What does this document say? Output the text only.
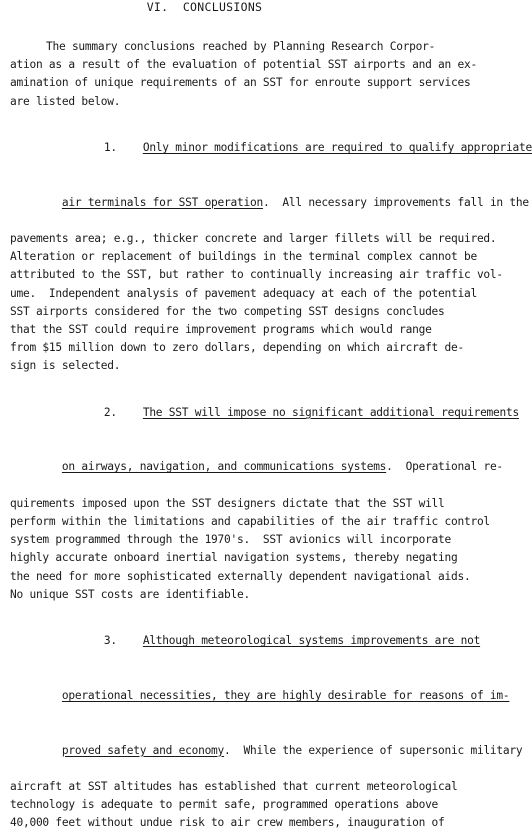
VI.  CONCLUSIONS
The summary conclusions reached by Planning Research Corpor-
ation as a result of the evaluation of potential SST airports and an ex-
amination of unique requirements of an SST for enroute support services
are listed below.

1. Only minor modifications are required to qualify appropriate

air terminals for SST operation.  All necessary improvements fall in the

pavements area; e.g., thicker concrete and larger fillets will be required.
Alteration or replacement of buildings in the terminal complex cannot be
attributed to the SST, but rather to continually increasing air traffic vol-
ume.  Independent analysis of pavement adequacy at each of the potential
SST airports considered for the two competing SST designs concludes
that the SST could require improvement programs which would range
from $15 million down to zero dollars, depending on which aircraft de-
sign is selected.

2. The SST will impose no significant additional requirements

on airways, navigation, and communications systems.  Operational re-

quirements imposed upon the SST designers dictate that the SST will
perform within the limitations and capabilities of the air traffic control
system programmed through the 1970's.  SST avionics will incorporate
highly accurate onboard inertial navigation systems, thereby negating
the need for more sophisticated externally dependent navigational aids.
No unique SST costs are identifiable.

3. Although meteorological systems improvements are not

operational necessities, they are highly desirable for reasons of im-

proved safety and economy.  While the experience of supersonic military

aircraft at SST altitudes has established that current meteorological
technology is adequate to permit safe, programmed operations above
40,000 feet without undue risk to air crew members, inauguration of
